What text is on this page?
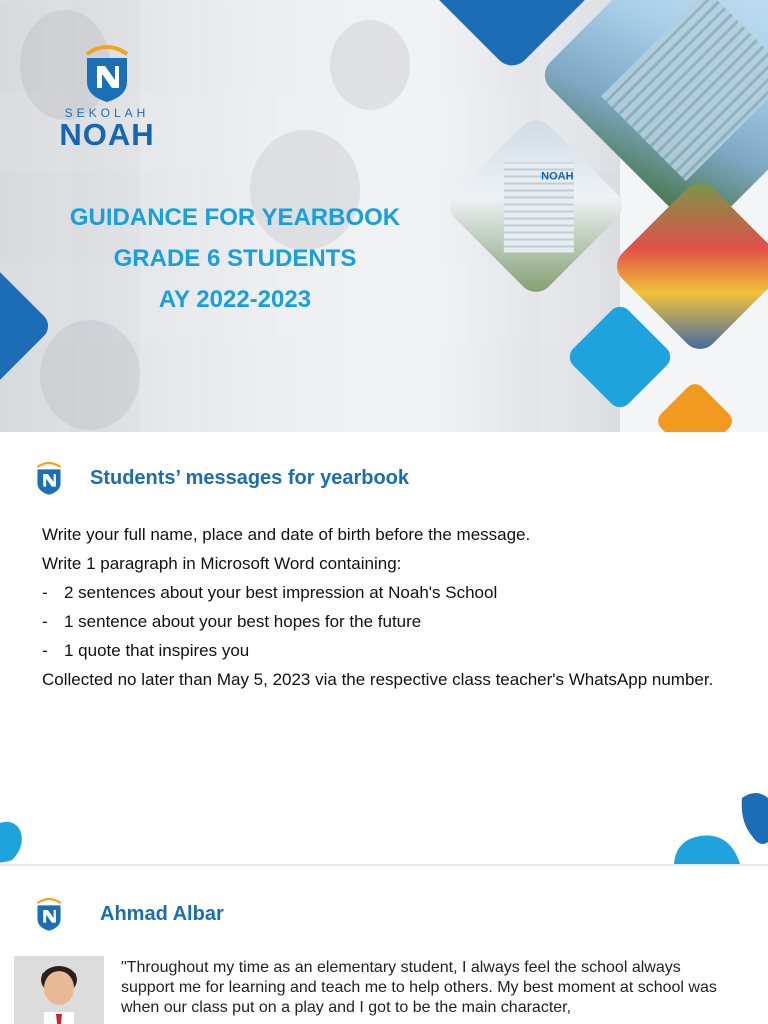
NOAH
SEKOLAH
NOAH

GUIDANCE FOR YEARBOOK

GRADE 6 STUDENTS

AY 2022-2023

Students’ messages for yearbook

Write your full name, place and date of birth before the message.

Write 1 paragraph in Microsoft Word containing:

- 2 sentences about your best impression at Noah's School
- 1 sentence about your best hopes for the future
- 1 quote that inspires you

Collected no later than May 5, 2023 via the respective class teacher's WhatsApp number.

Ahmad Albar

"Throughout my time as an elementary student, I always feel the school always support me for learning and teach me to help others. My best moment at school was when our class put on a play and I got to be the main character,
